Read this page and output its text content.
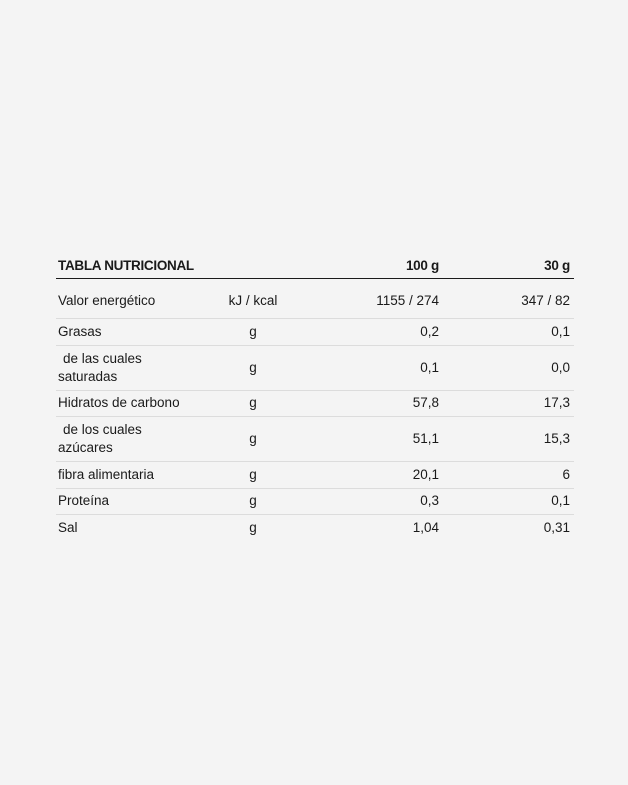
TABLA NUTRICIONAL		100 g	30 g
Valor energético	kJ / kcal	1155 / 274	347 / 82
Grasas	g	0,2	0,1

de las cuales
saturadas	g	0,1	0,0
Hidratos de carbono	g	57,8	17,3

de los cuales
azúcares	g	51,1	15,3
fibra alimentaria	g	20,1	6
Proteína	g	0,3	0,1
Sal	g	1,04	0,31
